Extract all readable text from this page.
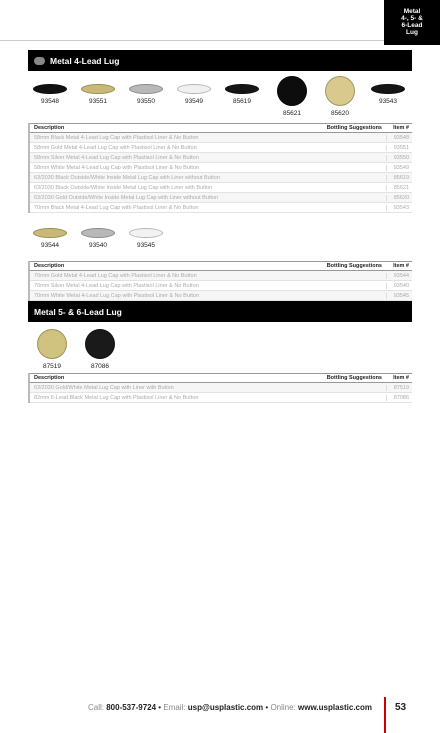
Metal
4-, 5- &
6-Lead
Lug
Metal 4-Lead Lug
93548	93551	93550	93549	85619
85621	85620
93543
Description	Bottling Suggestions	Item #
58mm Black Metal 4-Lead Lug Cap with Plastisol Liner & No Button	93548
58mm Gold Metal 4-Lead Lug Cap with Plastisol Liner & No Button	93551
58mm Silver Metal 4-Lead Lug Cap with Plastisol Liner & No Button	93550
58mm White Metal 4-Lead Lug Cap with Plastisol Liner & No Button	93549
63/2030 Black Outside/White Inside Metal Lug Cap with Liner without Button	85619
63/2030 Black Outside/White Inside Metal Lug Cap with Liner with Button	85621
63/2030 Gold Outside/White Inside Metal Lug Cap with Liner without Button	85620
70mm Black Metal 4-Lead Lug Cap with Plastisol Liner & No Button	93543
93544	93540	93545
Description	Bottling Suggestions	Item #
70mm Gold Metal 4-Lead Lug Cap with Plastisol Liner & No Button	93544
70mm Silver Metal 4-Lead Lug Cap with Plastisol Liner & No Button	93540
70mm White Metal 4-Lead Lug Cap with Plastisol Liner & No Button	93545
Metal 5- & 6-Lead Lug
87519	87086
Description	Bottling Suggestions	Item #
63/2030 Gold/White Metal Lug Cap with Liner with Button	87519
82mm 6-Lead Black Metal Lug Cap with Plastisol Liner & No Button	87086
Call: 800-537-9724 • Email: usp@usplastic.com • Online: www.usplastic.com 53
